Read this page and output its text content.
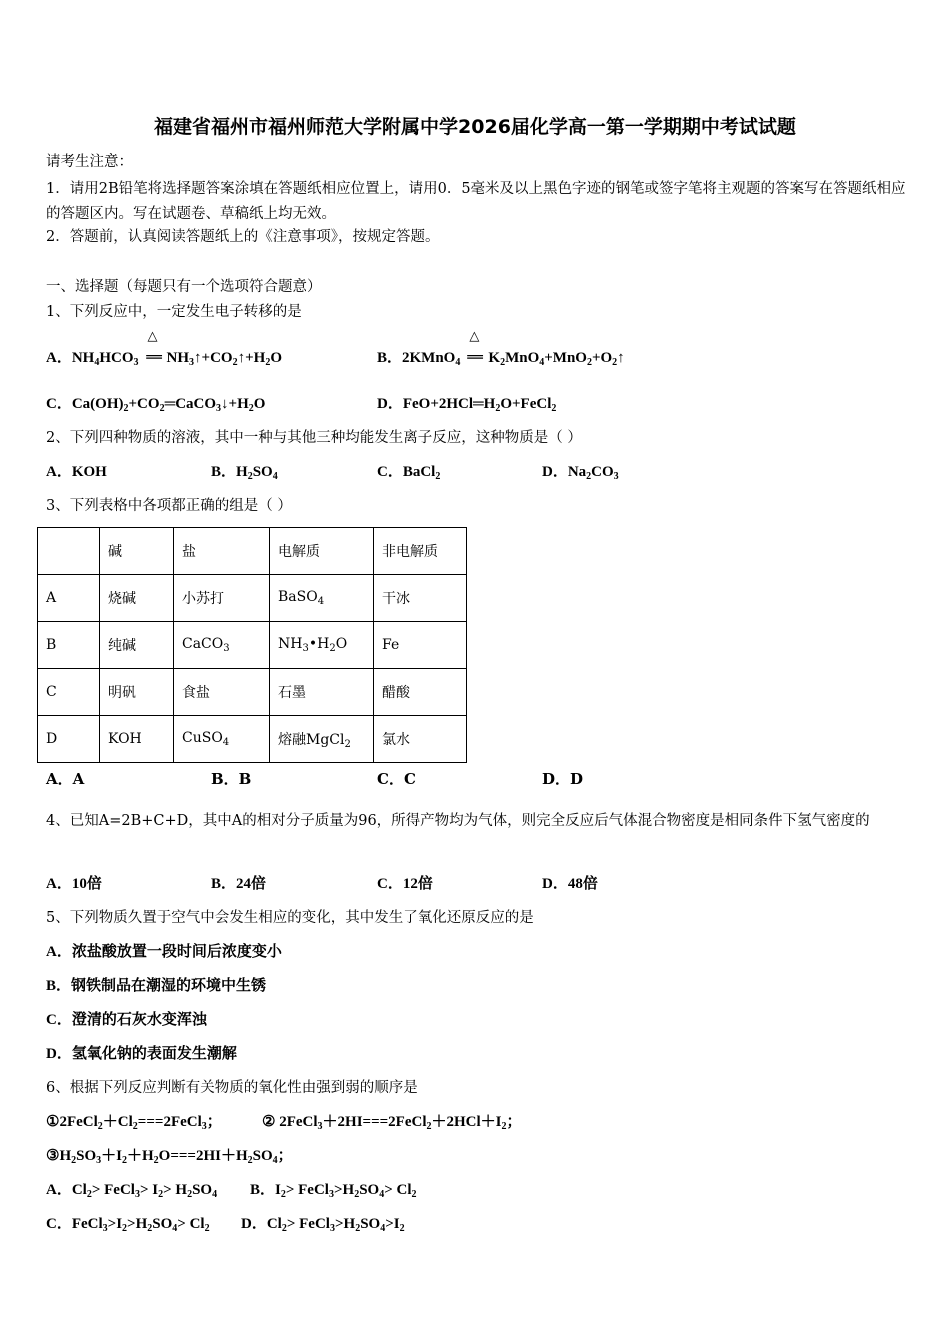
福建省福州市福州师范大学附属中学2026届化学高一第一学期期中考试试题
请考生注意：
1．请用2B铅笔将选择题答案涂填在答题纸相应位置上，请用0．5毫米及以上黑色字迹的钢笔或签字笔将主观题的答案写在答题纸相应的答题区内。写在试题卷、草稿纸上均无效。
2．答题前，认真阅读答题纸上的《注意事项》，按规定答题。
一、选择题（每题只有一个选项符合题意）
1、下列反应中，一定发生电子转移的是
A．$NH_4HCO_3$
△
═ $NH_3↑+CO_2↑+H_2O$	B．2KMnO$_4$
△
═ $K_2MnO_4+MnO_2+O_2↑$
C．$Ca(OH)_2+CO_2═CaCO_3↓+H_2O$	D．$FeO+2HCl═H_2O+FeCl_2$
2、下列四种物质的溶液，其中一种与其他三种均能发生离子反应，这种物质是（ ）
A．KOH	B．$H_2SO_4$	C．BaCl$_2$	D．$Na_2CO_3$
3、下列表格中各项都正确的组是（ ）
	碱	盐	电解质	非电解质
A	烧碱	小苏打	BaSO$_4$	干冰
B	纯碱	CaCO$_3$	$NH_3•H_2O$	Fe
C	明矾	食盐	石墨	醋酸
D	KOH	CuSO$_4$	熔融MgCl$_2$	氯水
A．A	B．B	C．C	D．D
4、已知A=2B+C+D，其中A的相对分子质量为96，所得产物均为气体，则完全反应后气体混合物密度是相同条件下氢气密度的
A．10倍	B．24倍	C．12倍	D．48倍
5、下列物质久置于空气中会发生相应的变化，其中发生了氧化还原反应的是
A．浓盐酸放置一段时间后浓度变小
B．钢铁制品在潮湿的环境中生锈
C．澄清的石灰水变浑浊
D．氢氧化钠的表面发生潮解
6、根据下列反应判断有关物质的氧化性由强到弱的顺序是
$①2FeCl_2+Cl_2===2FeCl_3$；	② $2FeCl_3+2HI===2FeCl_2+2HCl+I_2$；
$③H_2SO_3+I_2+H_2O===2HI+H_2SO_4$；
A．$Cl_2>$ FeCl$_3$> $I_2> H_2SO_4$ B．$I_2>$ $FeCl_3>H_2SO_4> Cl_2$
C．$FeCl_3>I_2>H_2SO_4> Cl_2$ D．$Cl_2>$ $FeCl_3>H_2SO_4>I_2$
